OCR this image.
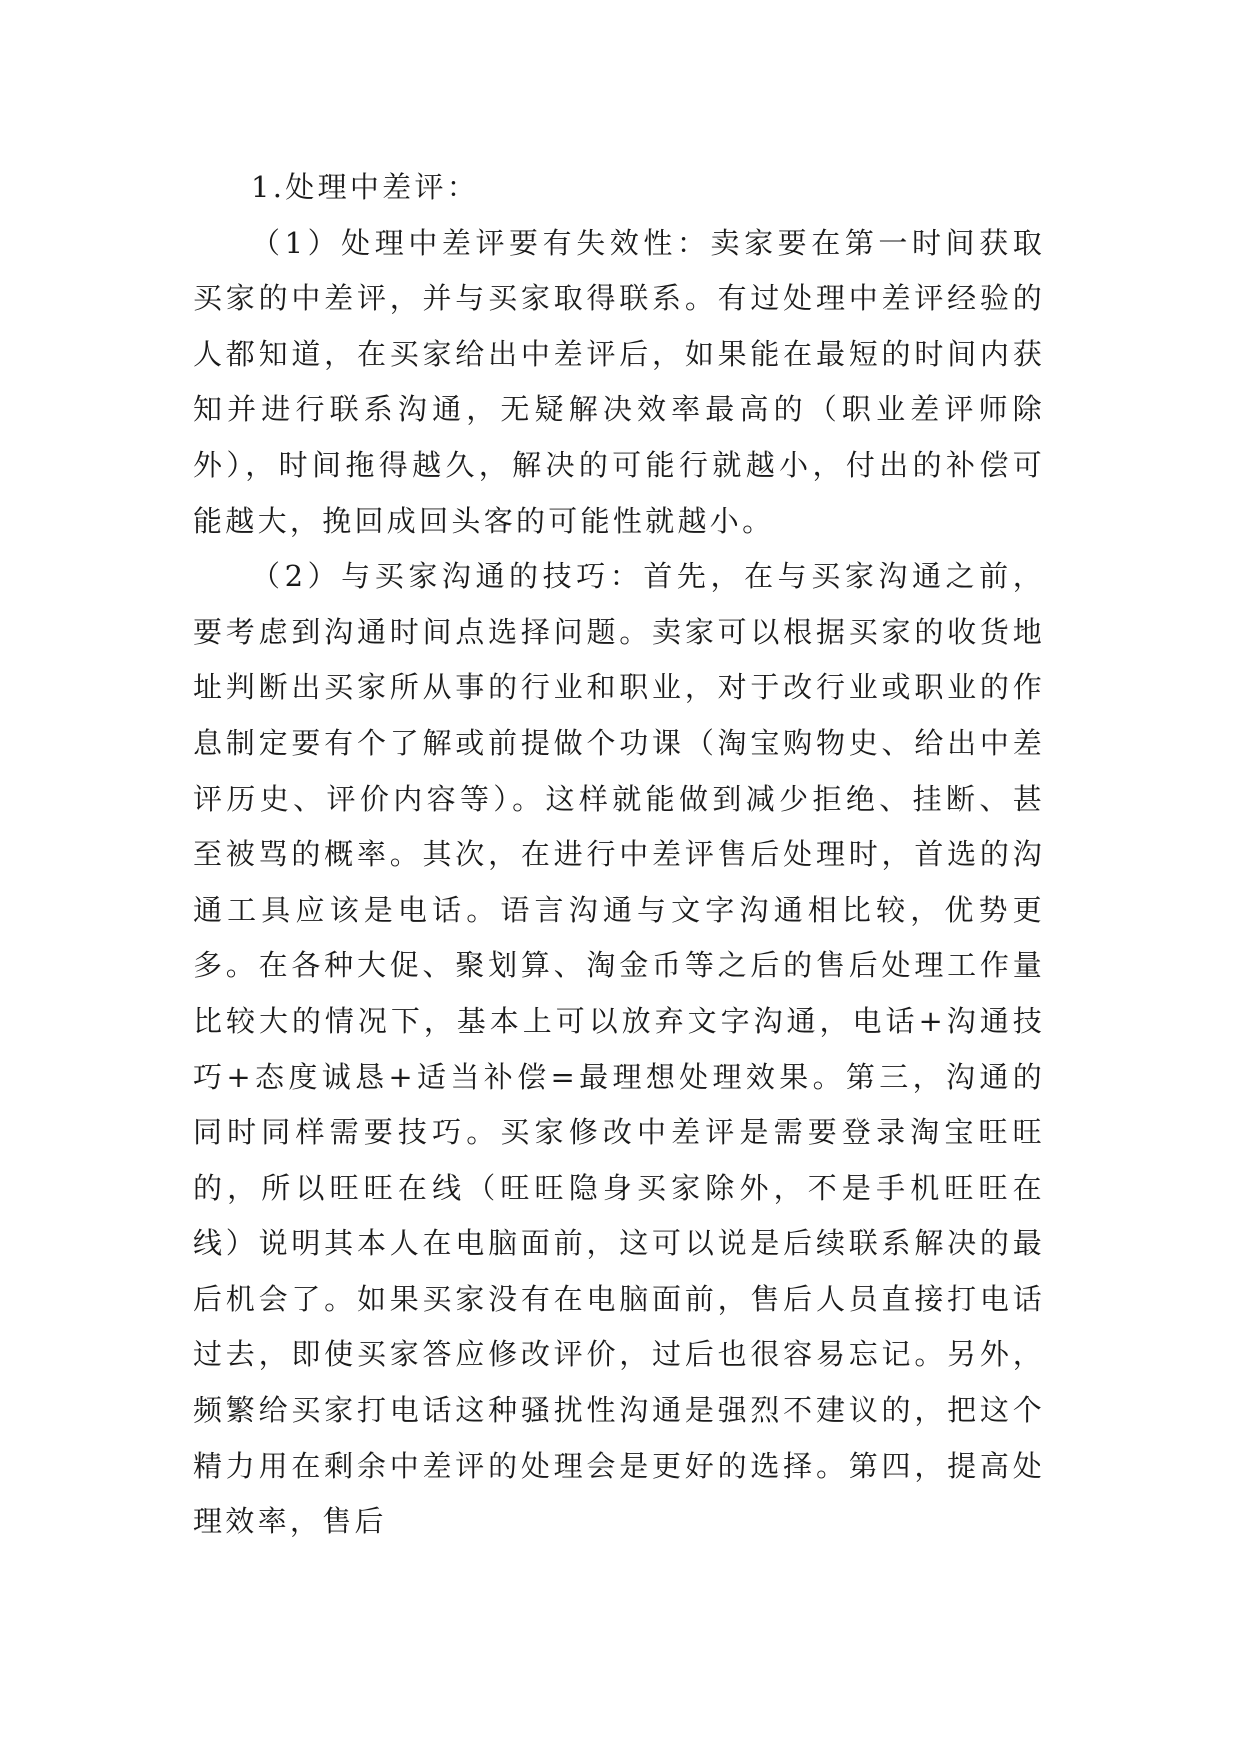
1.处理中差评：

（1）处理中差评要有失效性：卖家要在第一时间获取买家的中差评，并与买家取得联系。有过处理中差评经验的人都知道，在买家给出中差评后，如果能在最短的时间内获知并进行联系沟通，无疑解决效率最高的（职业差评师除外），时间拖得越久，解决的可能行就越小，付出的补偿可能越大，挽回成回头客的可能性就越小。

（2）与买家沟通的技巧：首先，在与买家沟通之前，要考虑到沟通时间点选择问题。卖家可以根据买家的收货地址判断出买家所从事的行业和职业，对于改行业或职业的作息制定要有个了解或前提做个功课（淘宝购物史、给出中差评历史、评价内容等）。这样就能做到减少拒绝、挂断、甚至被骂的概率。其次，在进行中差评售后处理时，首选的沟通工具应该是电话。语言沟通与文字沟通相比较，优势更多。在各种大促、聚划算、淘金币等之后的售后处理工作量比较大的情况下，基本上可以放弃文字沟通，电话+沟通技巧+态度诚恳+适当补偿=最理想处理效果。第三，沟通的同时同样需要技巧。买家修改中差评是需要登录淘宝旺旺的，所以旺旺在线（旺旺隐身买家除外，不是手机旺旺在线）说明其本人在电脑面前，这可以说是后续联系解决的最后机会了。如果买家没有在电脑面前，售后人员直接打电话过去，即使买家答应修改评价，过后也很容易忘记。另外，频繁给买家打电话这种骚扰性沟通是强烈不建议的，把这个精力用在剩余中差评的处理会是更好的选择。第四，提高处理效率，售后
